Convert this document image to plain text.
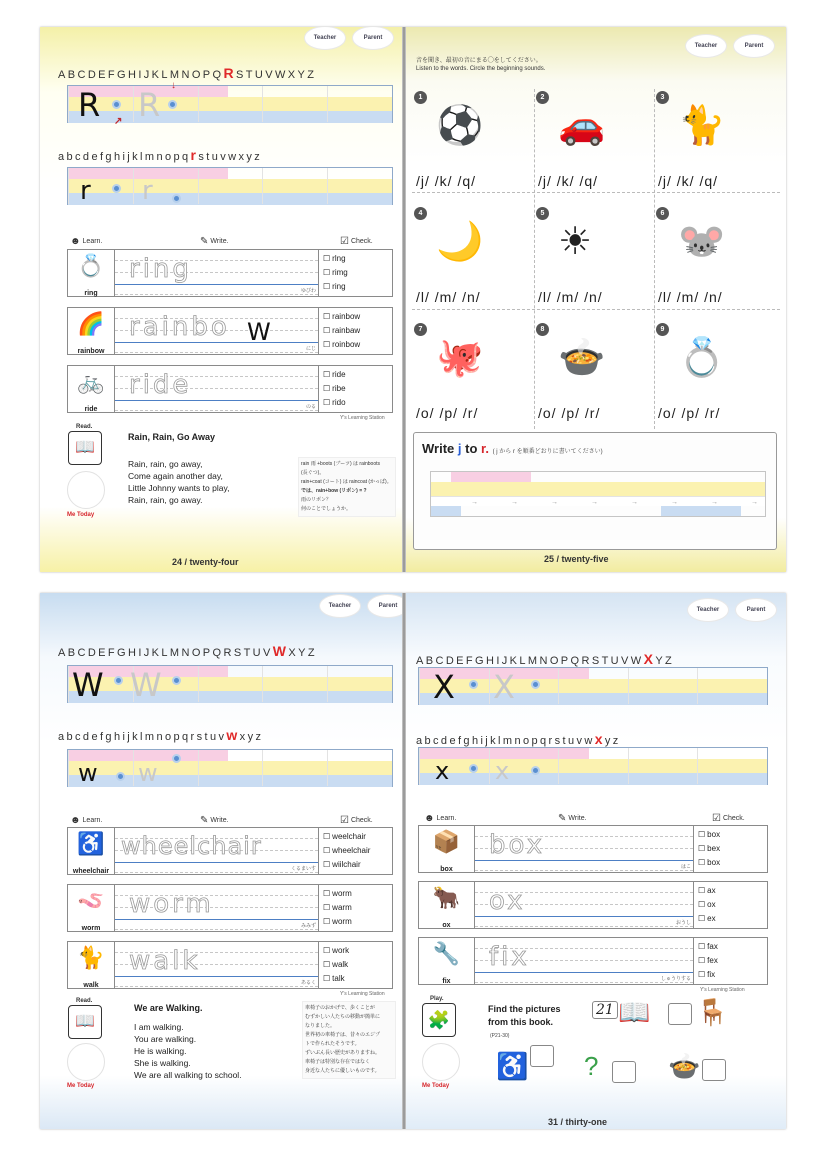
Teacher	Parent
ABCDEFGHIJKLMNOPQRSTUVWXYZ
R R
↗
↓
abcdefghijklmnopqrstuvwxyz
r r
☻ Learn.	✎ Write.	☑ Check.
💍
ring
ring
ゆびわ
☐ rlng
☐ rimg
☐ ring
🌈
rainbow
rainbo W
にじ
☐ rainbow
☐ rainbaw
☐ roinbow
🚲
ride
ride
のる
☐ ride
☐ ribe
☐ rido
Y's Learning Station
Read.
📖
Me Today
Rain, Rain, Go Away
Rain, rain, go away,
Come again another day,
Little Johnny wants to play,
Rain, rain, go away.
rain 雨 +boots (ブーツ) は rainboots
(長ぐつ)。
rain+coat (コート) は raincoat (かっぱ)。
では、rain+bow (リボン) = ?
雨のリボン？
何のことでしょうか。
24 / twenty-four
Teacher	Parent
音を聞き、最初の音にまる◯をしてください。
Listen to the words. Circle the beginning sounds.
1
⚽
/j/ /k/ /q/
2
🚗
/j/ /k/ /q/
3
🐈
/j/ /k/ /q/
4
🌙
/l/ /m/ /n/
5
☀
/l/ /m/ /n/
6
🐭
/l/ /m/ /n/
7
🐙
/o/ /p/ /r/
8
🍲
/o/ /p/ /r/
9
💍
/o/ /p/ /r/
Write j to r. ( j から r を順番どおりに書いてください)
→	→	→	→	→	→	→	→
25 / twenty-five
Teacher	Parent
ABCDEFGHIJKLMNOPQRSTUVWXYZ
W W
abcdefghijklmnopqrstuvwxyz
w w
☻ Learn.	✎ Write.	☑ Check.
♿
wheelchair
wheelchair
くるまいす
☐ weelchair
☐ wheelchair
☐ wiilchair
🪱
worm
worm
みみず
☐ worm
☐ warm
☐ worm
🐈
walk
walk
あるく
☐ work
☐ walk
☐ talk
Y's Learning Station
Read.
📖
Me Today
We are Walking.
I am walking.
You are walking.
He is walking.
She is walking.
We are all walking to school.
車椅子のおかげで、歩くことが
むずかしい人たちの移動が簡単に
なりました。
世界初の車椅子は、昔々のエジプ
トで作られたそうです。
ずいぶん長い歴史がありますね。
車椅子は特別な存在ではなく
身近な人たちに優しいものです。
Teacher	Parent
ABCDEFGHIJKLMNOPQRSTUVWXYZ
X X
abcdefghijklmnopqrstuvwxyz
x x
☻ Learn.	✎ Write.	☑ Check.
📦
box
box
はこ
☐ box
☐ bex
☐ box
🐂
ox
ox
おうし
☐ ax
☐ ox
☐ ex
🔧
fix
fix
しゅうりする
☐ fax
☐ fex
☐ fix
Y's Learning Station
Play.
🧩
Me Today
Find the pictures
from this book.
(P21-30)
21 📖 🪑
♿ ?	🍲
31 / thirty-one
